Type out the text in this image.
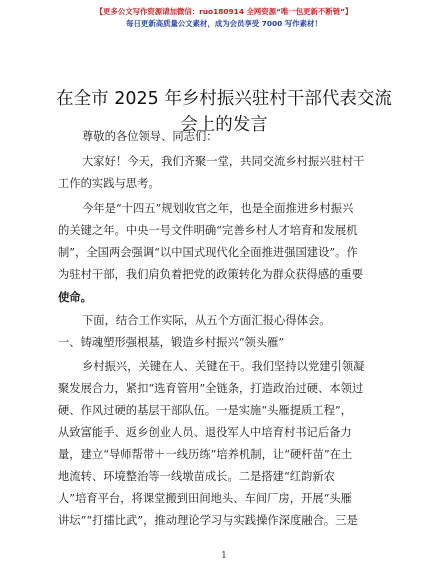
【更多公文写作资源请加微信：ruo180914 全网资源“唯一包更新不断链”】
每日更新高质量公文素材，成为会员享受 7000 写作素材！
在全市 2025 年乡村振兴驻村干部代表交流会上的发言
尊敬的各位领导、同志们：
大家好！今天，我们齐聚一堂，共同交流乡村振兴驻村干
工作的实践与思考。
今年是“十四五”规划收官之年，也是全面推进乡村振兴
的关键之年。中央一号文件明确“完善乡村人才培育和发展机
制”，全国两会强调“以中国式现代化全面推进强国建设”。作
为驻村干部，我们肩负着把党的政策转化为群众获得感的重要
使命。
下面，结合工作实际，从五个方面汇报心得体会。
一、铸魂塑形强根基，锻造乡村振兴“领头雁”
乡村振兴，关键在人、关键在干。我们坚持以党建引领凝
聚发展合力，紧扣“选育管用”全链条，打造政治过硬、本领过
硬、作风过硬的基层干部队伍。一是实施“头雁提质工程”，
从致富能手、返乡创业人员、退役军人中培育村书记后备力
量，建立“导师帮带＋一线历练”培养机制，让“硬杆苗”在土
地流转、环境整治等一线墩苗成长。二是搭建“红韵新农
人”培育平台，将课堂搬到田间地头、车间厂房，开展“头雁
讲坛”“打擂比武”，推动理论学习与实践操作深度融合。三是
1
